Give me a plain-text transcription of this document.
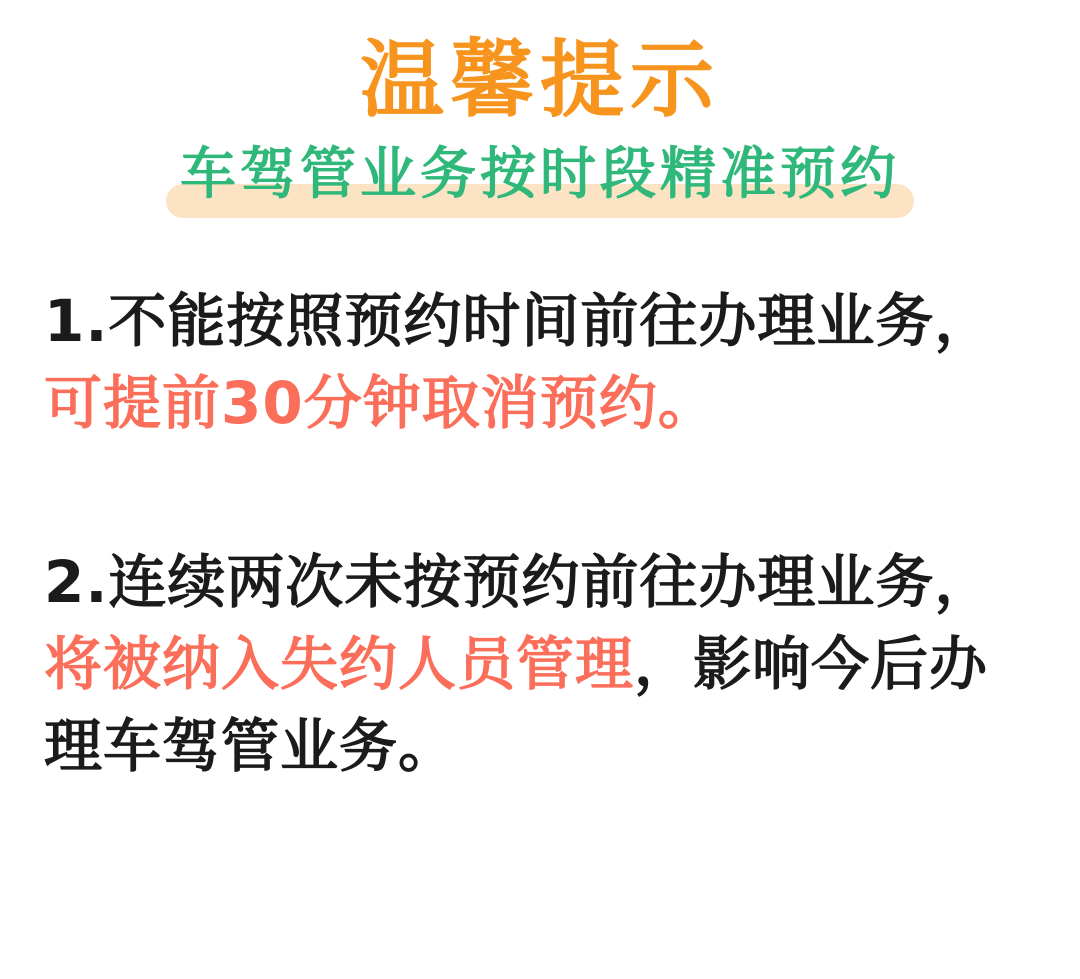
温馨提示
车驾管业务按时段精准预约

1.不能按照预约时间前往办理业务，

可提前30分钟取消预约。

2.连续两次未按预约前往办理业务，

将被纳入失约人员管理，影响今后办

理车驾管业务。
